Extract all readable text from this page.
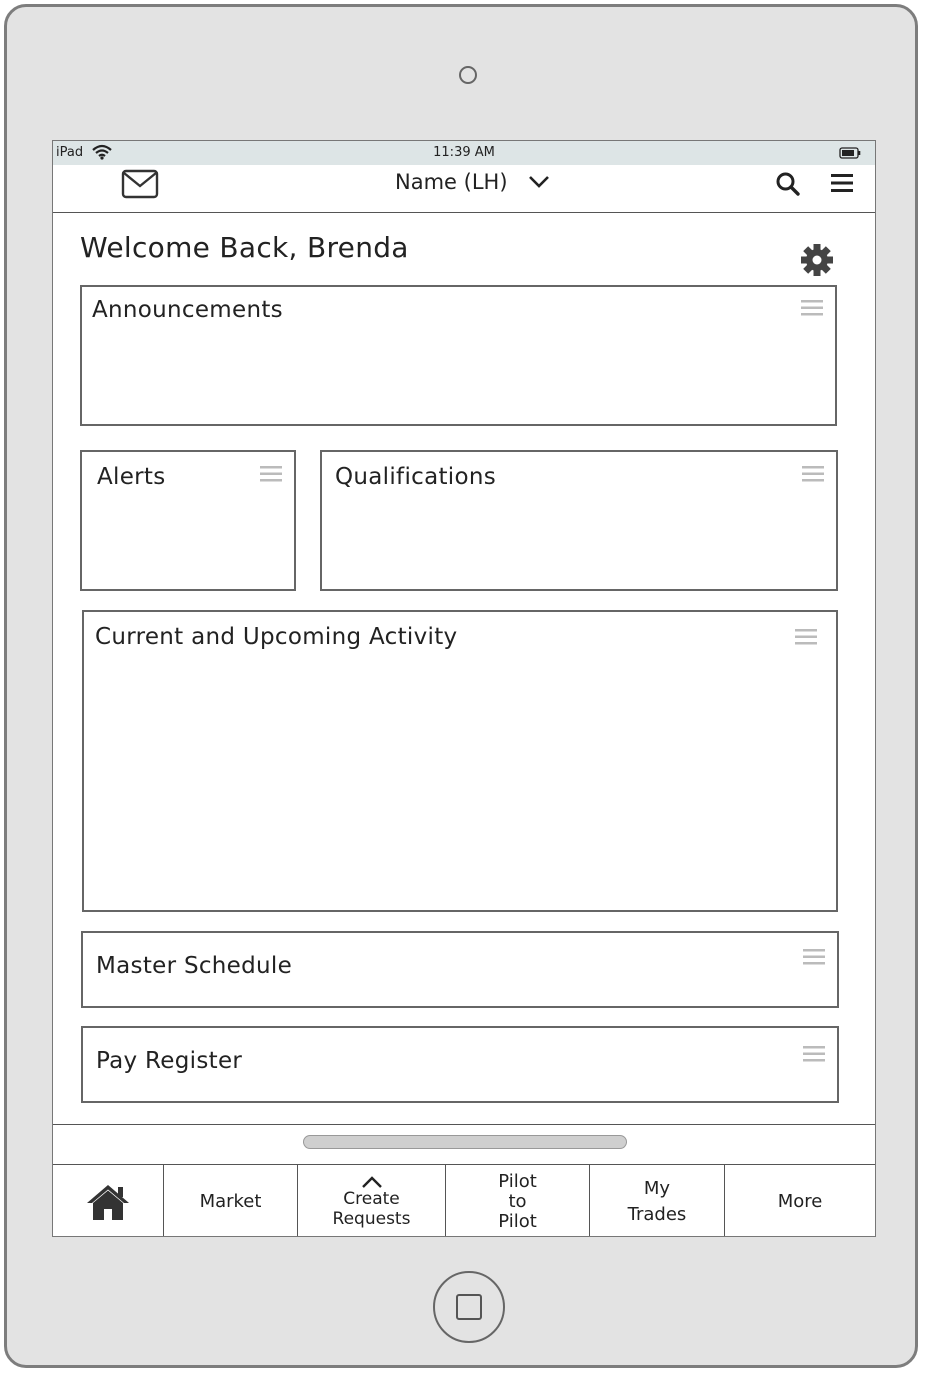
iPad	11:39 AM
Name (LH)
Welcome Back, Brenda
Announcements
Alerts	Qualifications
Current and Upcoming Activity
Master Schedule
Pay Register
Market	Create
Requests
Pilot
to
Pilot
My
Trades
More
